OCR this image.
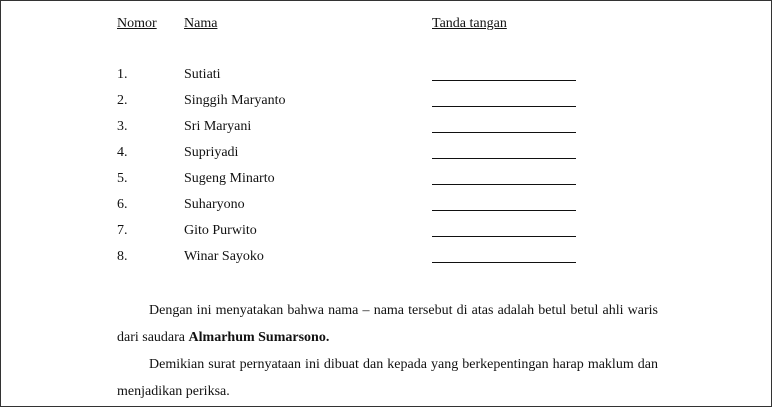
Nomor Nama	Tanda tangan
1.	Sutiati
2.	Singgih Maryanto
3.	Sri Maryani
4.	Supriyadi
5.	Sugeng Minarto
6.	Suharyono
7.	Gito Purwito
8.	Winar Sayoko

Dengan ini menyatakan bahwa nama – nama tersebut di atas adalah betul betul ahli waris dari saudara Almarhum Sumarsono.

Demikian surat pernyataan ini dibuat dan kepada yang berkepentingan harap maklum dan menjadikan periksa.
